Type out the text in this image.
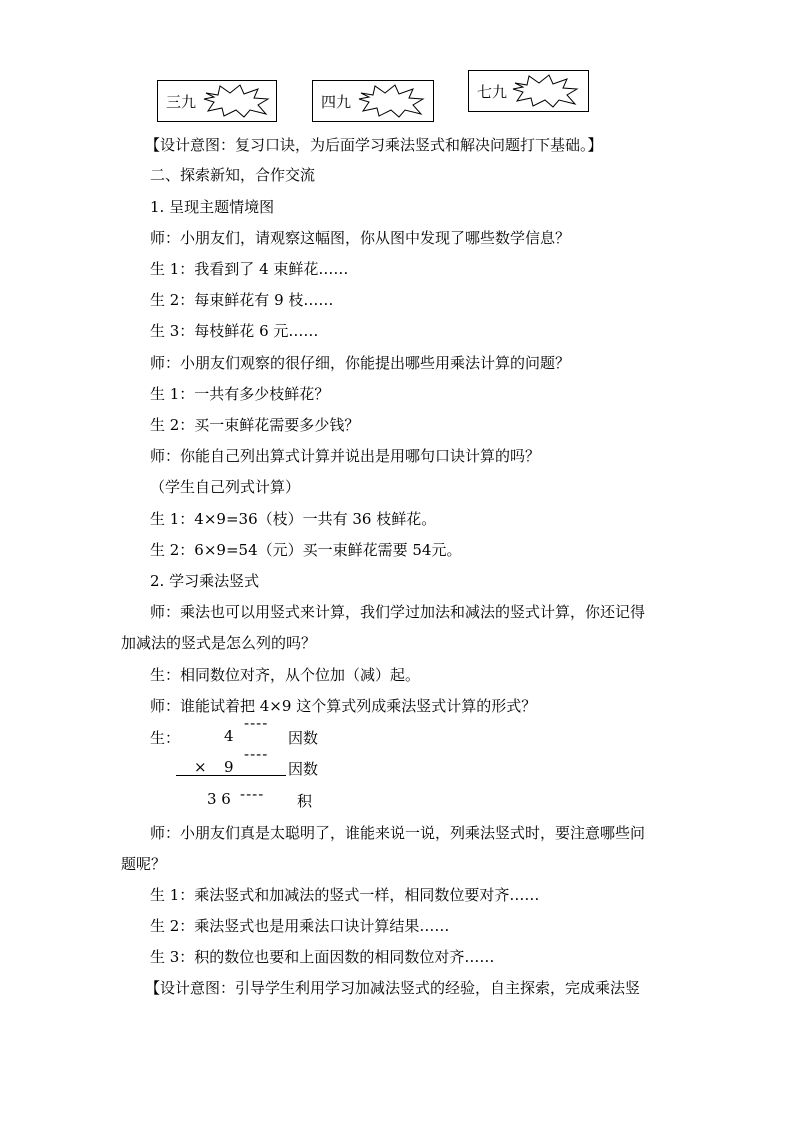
三九	四九
七九
【设计意图：复习口诀，为后面学习乘法竖式和解决问题打下基础。】
二、探索新知，合作交流
1. 呈现主题情境图
师：小朋友们，请观察这幅图，你从图中发现了哪些数学信息？
生 1：我看到了 4 束鲜花……
生 2：每束鲜花有 9 枝……
生 3：每枝鲜花 6 元……
师：小朋友们观察的很仔细，你能提出哪些用乘法计算的问题？
生 1：一共有多少枝鲜花？
生 2：买一束鲜花需要多少钱？
师：你能自己列出算式计算并说出是用哪句口诀计算的吗？
（学生自己列式计算）
生 1：4×9=36（枝）一共有 36 枝鲜花。
生 2：6×9=54（元）买一束鲜花需要 54元。
2. 学习乘法竖式
师：乘法也可以用竖式来计算，我们学过加法和减法的竖式计算，你还记得
加减法的竖式是怎么列的吗？
生：相同数位对齐，从个位加（减）起。
师：谁能试着把 4×9 这个算式列成乘法竖式计算的形式？
生：	4
----
因数
----
× 9	因数
3 6 ---- 积
师：小朋友们真是太聪明了，谁能来说一说，列乘法竖式时，要注意哪些问
题呢？
生 1：乘法竖式和加减法的竖式一样，相同数位要对齐……
生 2：乘法竖式也是用乘法口诀计算结果……
生 3：积的数位也要和上面因数的相同数位对齐……
【设计意图：引导学生利用学习加减法竖式的经验，自主探索，完成乘法竖
